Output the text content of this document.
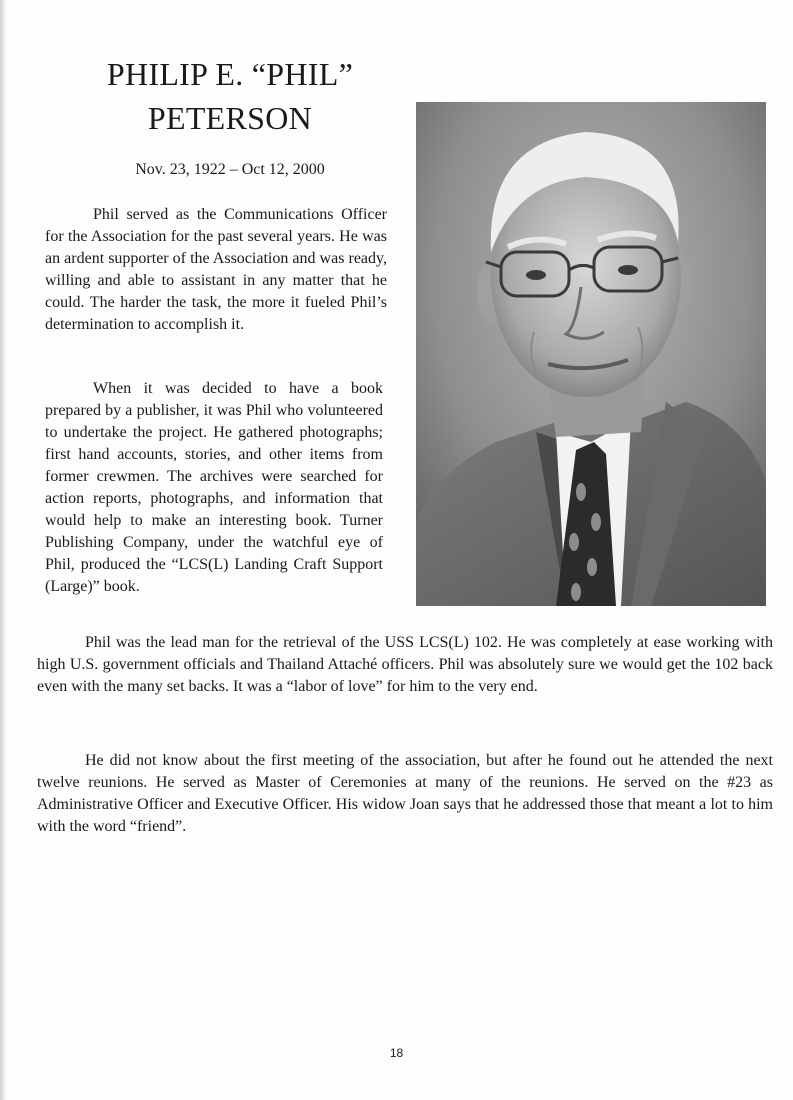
PHILIP E. “PHIL”
PETERSON
Nov. 23, 1922 – Oct 12, 2000

Phil served as the Communications Officer for the Association for the past several years. He was an ardent supporter of the Association and was ready, willing and able to assistant in any matter that he could. The harder the task, the more it fueled Phil’s determination to accomplish it.

When it was decided to have a book prepared by a publisher, it was Phil who volunteered to undertake the project. He gathered photographs; first hand accounts, stories, and other items from former crewmen. The archives were searched for action reports, photographs, and information that would help to make an interesting book. Turner Publishing Company, under the watchful eye of Phil, produced the “LCS(L) Landing Craft Support (Large)” book.

Phil was the lead man for the retrieval of the USS LCS(L) 102. He was completely at ease working with high U.S. government officials and Thailand Attaché officers. Phil was absolutely sure we would get the 102 back even with the many set backs. It was a “labor of love” for him to the very end.

He did not know about the first meeting of the association, but after he found out he attended the next twelve reunions. He served as Master of Ceremonies at many of the reunions. He served on the #23 as Administrative Officer and Executive Officer. His widow Joan says that he addressed those that meant a lot to him with the word “friend”.

18
